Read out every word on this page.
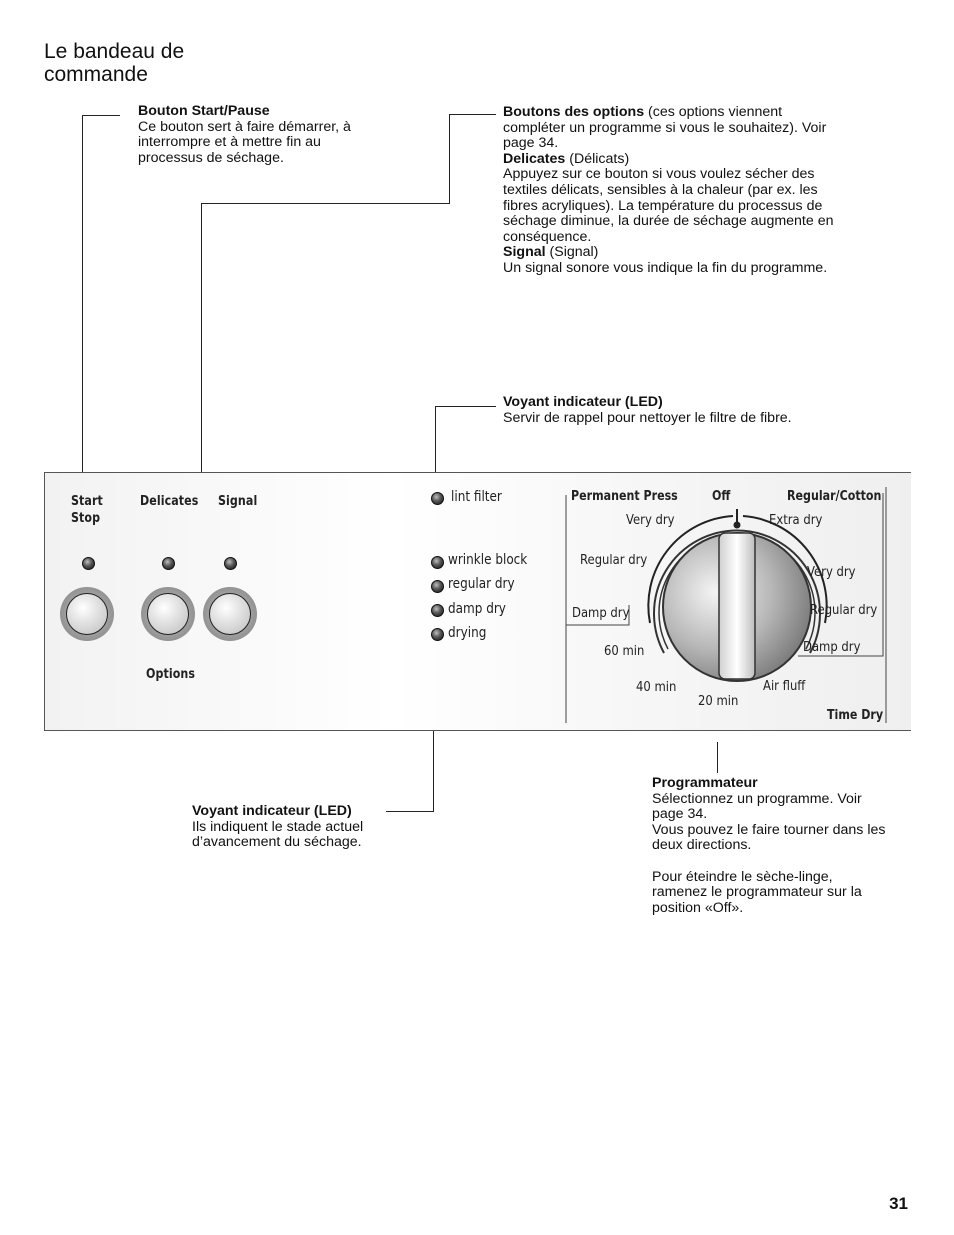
Le bandeau de commande

Bouton Start/Pause

Ce bouton sert à faire démarrer, à interrompre et à mettre fin au processus de séchage.

Boutons des options (ces options viennent compléter un programme si vous le souhaitez). Voir page 34.

Delicates (Délicats)

Appuyez sur ce bouton si vous voulez sécher des textiles délicats, sensibles à la chaleur (par ex. les fibres acryliques). La température du processus de séchage diminue, la durée de séchage augmente en conséquence.

Signal (Signal)

Un signal sonore vous indique la fin du programme.

Voyant indicateur (LED)

Servir de rappel pour nettoyer le filtre de fibre.

Start
Stop
Delicates Signal
Options
lint filter
wrinkle block
regular dry
damp dry
drying
Permanent Press	Off	Regular/Cotton
Time Dry
Very dry
Regular dry
Damp dry
Extra dry
Very dry
Regular dry
Damp dry
60 min
40 min
20 min
Air fluff

Voyant indicateur (LED)

Ils indiquent le stade actuel d’avancement du séchage.

Programmateur

Sélectionnez un programme. Voir page 34.

Vous pouvez le faire tourner dans les deux directions.

Pour éteindre le sèche-linge, ramenez le programmateur sur la position «Off».

31
